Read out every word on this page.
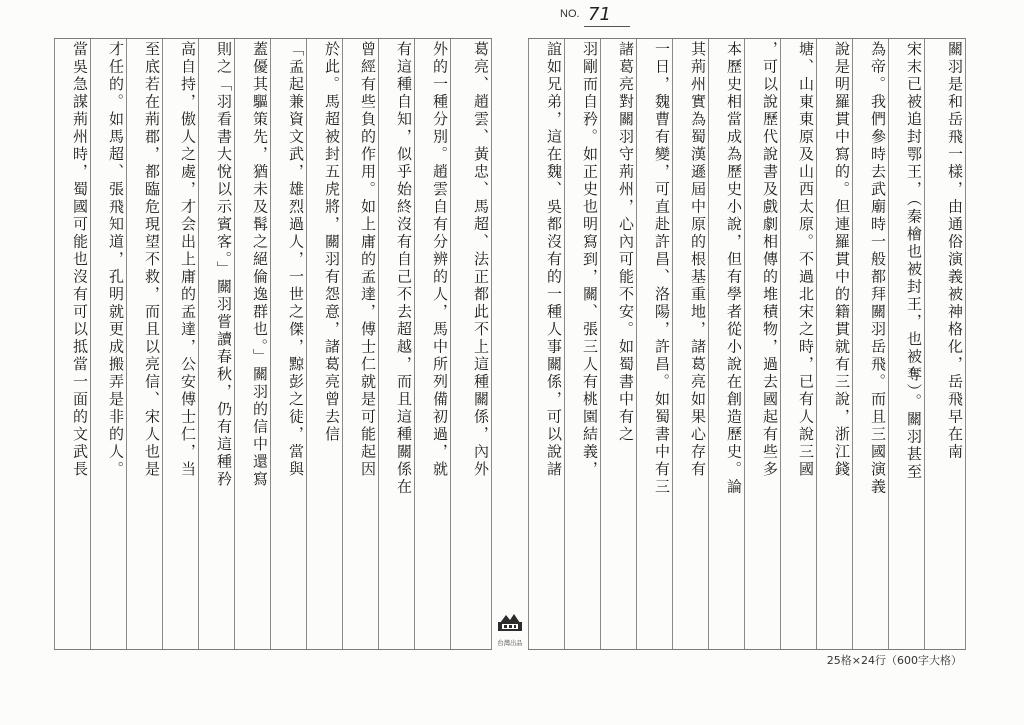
NO. 71
當吳急謀荊州時，蜀國可能也沒有可以抵當一面的文武長	才任的。如馬超、張飛知道，孔明就更成搬弄是非的人。	至底若在荊郡，都臨危現望不救，而且以亮信、宋人也是	高自持，傲人之處，才会出上庸的孟達，公安傅士仁，当	則之「羽看書大悅以示賓客。」關羽嘗讀春秋，仍有這種矜	蓋優其驅策先，猶未及髯之絕倫逸群也。」關羽的信中還寫	「孟起兼資文武，雄烈過人，一世之傑，黥彭之徒，當與	於此。馬超被封五虎將，關羽有怨意，諸葛亮曾去信	曾經有些負的作用。如上庸的孟達，傅士仁就是可能起因	有這種自知，似乎始終沒有自己不去超越，而且這種關係在	外的一種分別。趙雲自有分辨的人，馬中所列備初過，就	葛亮、趙雲、黃忠、馬超、法正都此不上這種關係，內外
台灣出品
誼如兄弟，這在魏、吳都沒有的一種人事關係，可以說諸	羽剛而自矜。如正史也明寫到，關、張三人有桃園結義，	諸葛亮對關羽守荊州，心內可能不安。如蜀書中有之	一日，魏曹有變，可直赴許昌、洛陽，許昌。如蜀書中有三	其荊州實為蜀漢遜屆中原的根基重地，諸葛亮如果心存有	本歷史相當成為歷史小說，但有學者從小說在創造歷史。論	，可以說歷代說書及戲劇相傳的堆積物，過去國起有些多	塘、山東東原及山西太原。不過北宋之時，已有人說三國	說是明羅貫中寫的。但連羅貫中的籍貫就有三說，浙江錢	為帝。我們參時去武廟時一般都拜關羽岳飛。而且三國演義	宋末已被追封鄂王，（秦檜也被封王，也被奪）。關羽甚至	關羽是和岳飛一樣，由通俗演義被神格化，岳飛早在南
25格×24行（600字大格）
